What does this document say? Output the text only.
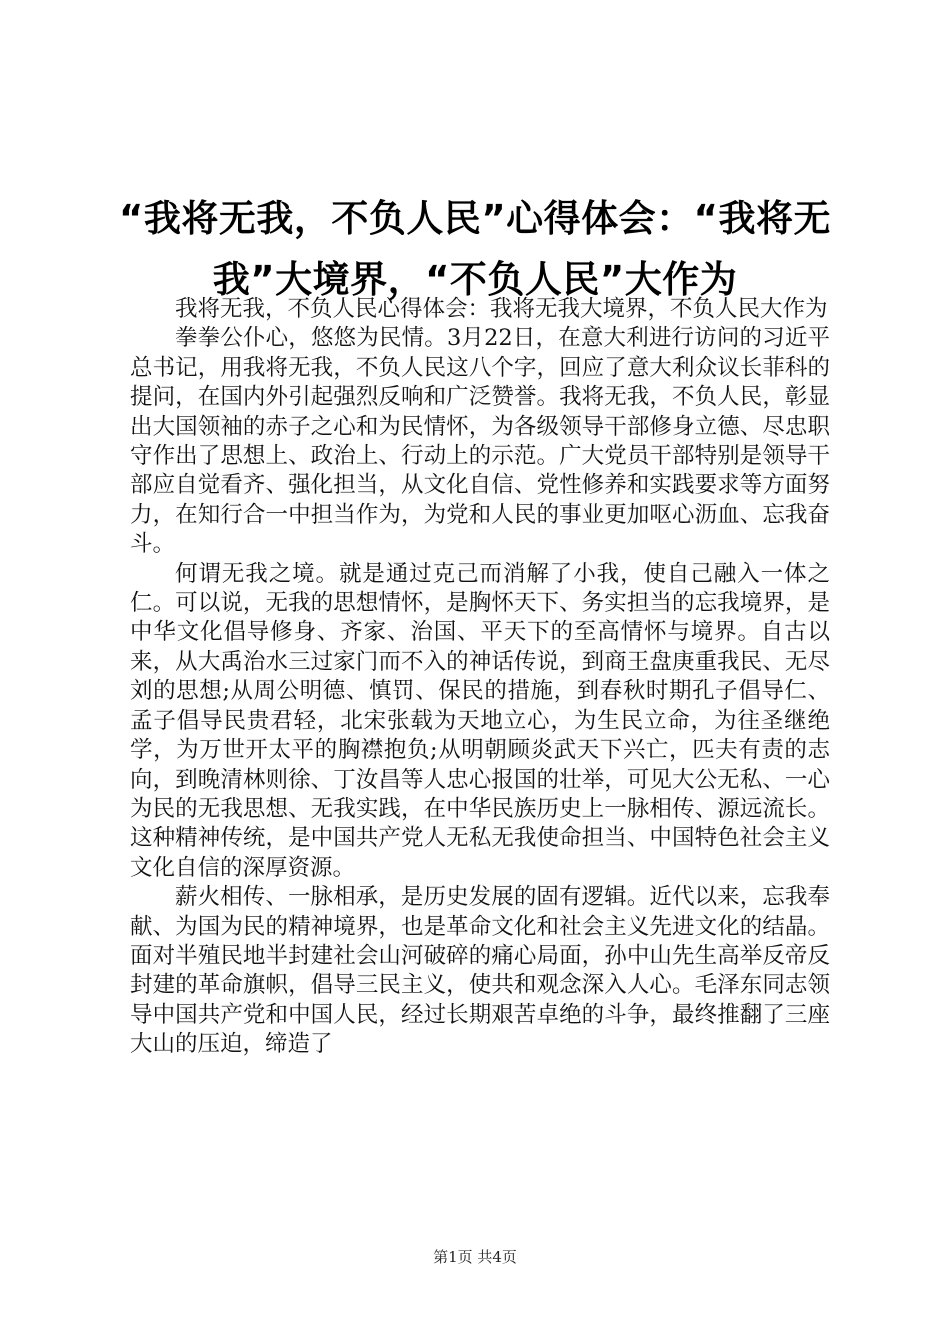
“我将无我，不负人民”心得体会：“我将无
我”大境界，“不负人民”大作为

我将无我，不负人民心得体会：我将无我大境界，不负人民大作为

拳拳公仆心，悠悠为民情。3月22日，在意大利进行访问的习近平总书记，用我将无我，不负人民这八个字，回应了意大利众议长菲科的提问，在国内外引起强烈反响和广泛赞誉。我将无我，不负人民，彰显出大国领袖的赤子之心和为民情怀，为各级领导干部修身立德、尽忠职守作出了思想上、政治上、行动上的示范。广大党员干部特别是领导干部应自觉看齐、强化担当，从文化自信、党性修养和实践要求等方面努力，在知行合一中担当作为，为党和人民的事业更加呕心沥血、忘我奋斗。

何谓无我之境。就是通过克己而消解了小我，使自己融入一体之仁。可以说，无我的思想情怀，是胸怀天下、务实担当的忘我境界，是中华文化倡导修身、齐家、治国、平天下的至高情怀与境界。自古以来，从大禹治水三过家门而不入的神话传说，到商王盘庚重我民、无尽刘的思想;从周公明德、慎罚、保民的措施，到春秋时期孔子倡导仁、孟子倡导民贵君轻，北宋张载为天地立心，为生民立命，为往圣继绝学，为万世开太平的胸襟抱负;从明朝顾炎武天下兴亡，匹夫有责的志向，到晚清林则徐、丁汝昌等人忠心报国的壮举，可见大公无私、一心为民的无我思想、无我实践，在中华民族历史上一脉相传、源远流长。这种精神传统，是中国共产党人无私无我使命担当、中国特色社会主义文化自信的深厚资源。

薪火相传、一脉相承，是历史发展的固有逻辑。近代以来，忘我奉献、为国为民的精神境界，也是革命文化和社会主义先进文化的结晶。面对半殖民地半封建社会山河破碎的痛心局面，孙中山先生高举反帝反封建的革命旗帜，倡导三民主义，使共和观念深入人心。毛泽东同志领导中国共产党和中国人民，经过长期艰苦卓绝的斗争，最终推翻了三座大山的压迫，缔造了

第1页 共4页
